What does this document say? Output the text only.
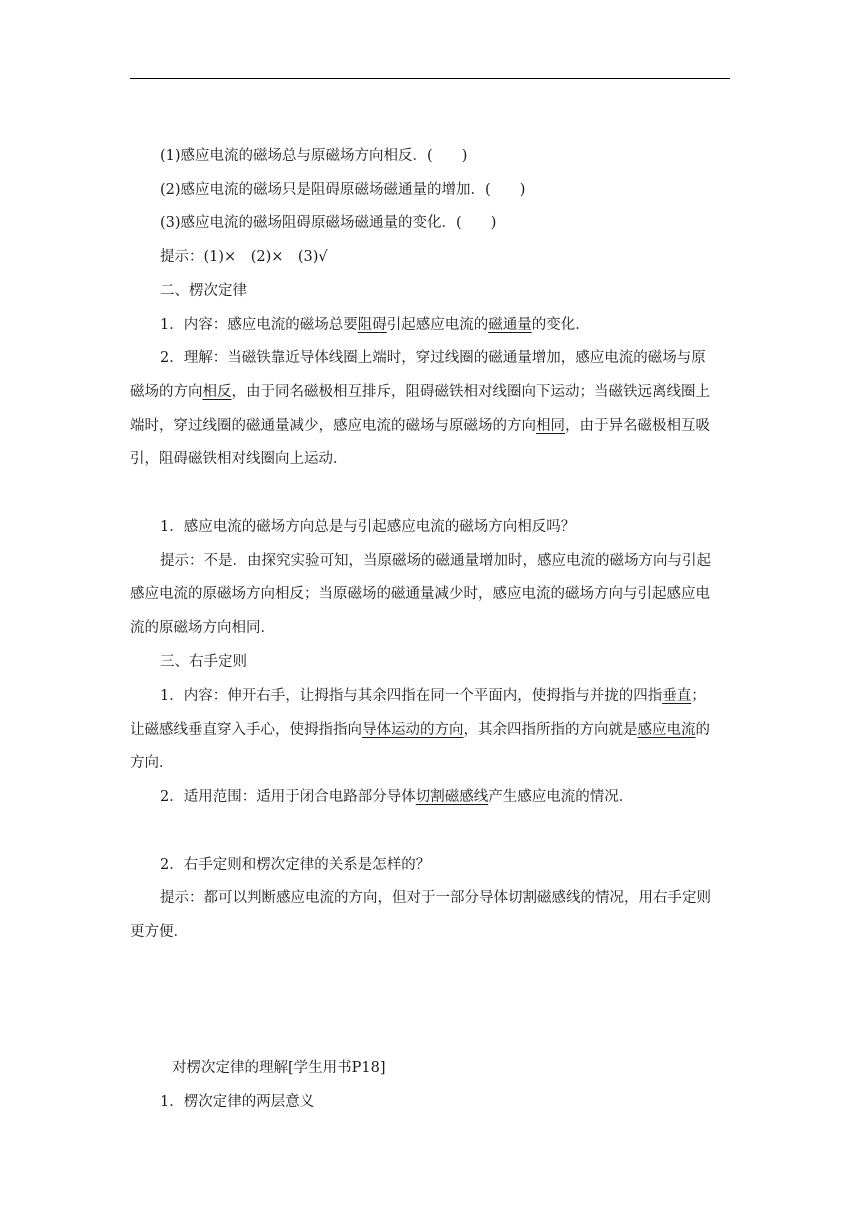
(1)感应电流的磁场总与原磁场方向相反．(　　)
(2)感应电流的磁场只是阻碍原磁场磁通量的增加．(　　)
(3)感应电流的磁场阻碍原磁场磁通量的变化．(　　)
提示：(1)×　(2)×　(3)√
二、楞次定律
1．内容：感应电流的磁场总要阻碍引起感应电流的磁通量的变化．
2．理解：当磁铁靠近导体线圈上端时，穿过线圈的磁通量增加，感应电流的磁场与原
磁场的方向相反，由于同名磁极相互排斥，阻碍磁铁相对线圈向下运动；当磁铁远离线圈上
端时，穿过线圈的磁通量减少，感应电流的磁场与原磁场的方向相同，由于异名磁极相互吸
引，阻碍磁铁相对线圈向上运动．
1．感应电流的磁场方向总是与引起感应电流的磁场方向相反吗？
提示：不是．由探究实验可知，当原磁场的磁通量增加时，感应电流的磁场方向与引起
感应电流的原磁场方向相反；当原磁场的磁通量减少时，感应电流的磁场方向与引起感应电
流的原磁场方向相同．
三、右手定则
1．内容：伸开右手，让拇指与其余四指在同一个平面内，使拇指与并拢的四指垂直；
让磁感线垂直穿入手心，使拇指指向导体运动的方向，其余四指所指的方向就是感应电流的
方向．
2．适用范围：适用于闭合电路部分导体切割磁感线产生感应电流的情况．
2．右手定则和楞次定律的关系是怎样的？
提示：都可以判断感应电流的方向，但对于一部分导体切割磁感线的情况，用右手定则
更方便．
对楞次定律的理解[学生用书P18]
1．楞次定律的两层意义
